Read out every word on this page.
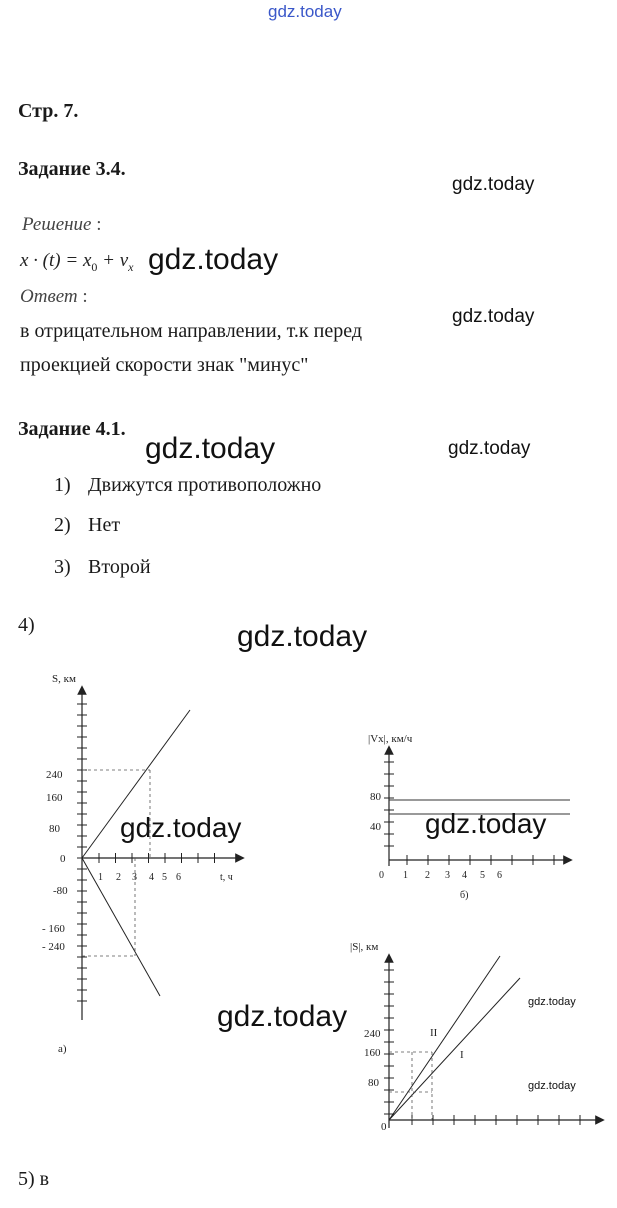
gdz.today
Стр. 7.
Задание 3.4.
gdz.today
Решение :
$x \cdot (t) = x_0 + v_x$ gdz.today
Ответ :
gdz.today
в отрицательном направлении, т.к перед
проекцией скорости знак "минус"
Задание 4.1.
gdz.today	gdz.today
1) Движутся противоположно
2) Нет
3) Второй
4)	gdz.today
S, км
0
240
160
80
-80
- 160
- 240
1 2 3 4 5 6	t, ч
а)
|Vx|, км/ч
80
40
0 1 2 3 4 5 6
б)
|S|, км
240
160
80
0
II
I
gdz.today	gdz.today
gdz.today	gdz.today
gdz.today
5) в
